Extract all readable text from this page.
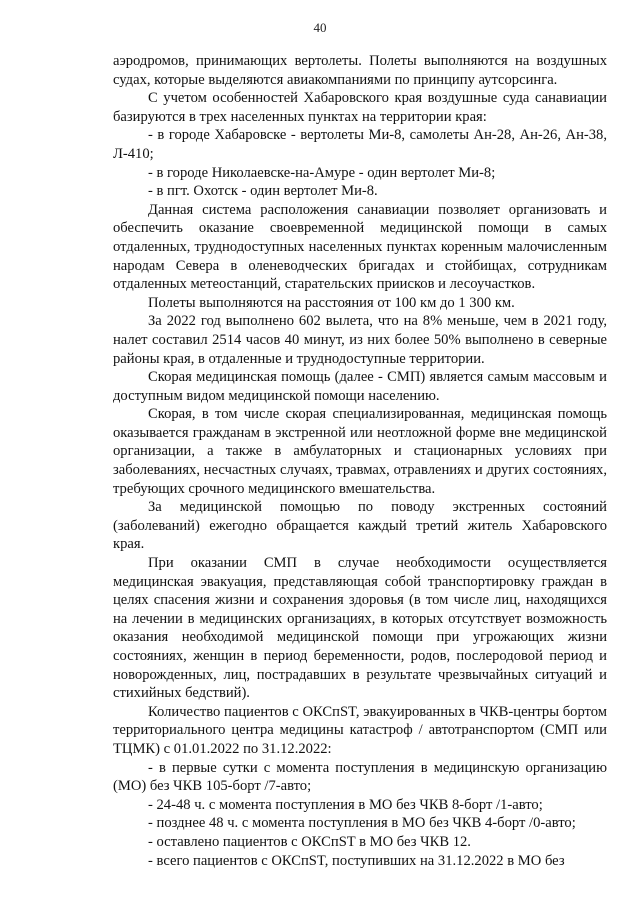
40

аэродромов, принимающих вертолеты. Полеты выполняются на воздушных судах, которые выделяются авиакомпаниями по принципу аутсорсинга.

С учетом особенностей Хабаровского края воздушные суда санавиации базируются в трех населенных пунктах на территории края:

- в городе Хабаровске - вертолеты Ми-8, самолеты Ан-28, Ан-26, Ан-38, Л-410;

- в городе Николаевске-на-Амуре - один вертолет Ми-8;

- в пгт. Охотск - один вертолет Ми-8.

Данная система расположения санавиации позволяет организовать и обеспечить оказание своевременной медицинской помощи в самых отдаленных, труднодоступных населенных пунктах коренным малочисленным народам Севера в оленеводческих бригадах и стойбищах, сотрудникам отдаленных метеостанций, старательских приисков и лесоучастков.

Полеты выполняются на расстояния от 100 км до 1 300 км.

За 2022 год выполнено 602 вылета, что на 8% меньше, чем в 2021 году, налет составил 2514 часов 40 минут, из них более 50% выполнено в северные районы края, в отдаленные и труднодоступные территории.

Скорая медицинская помощь (далее - СМП) является самым массовым и доступным видом медицинской помощи населению.

Скорая, в том числе скорая специализированная, медицинская помощь оказывается гражданам в экстренной или неотложной форме вне медицинской организации, а также в амбулаторных и стационарных условиях при заболеваниях, несчастных случаях, травмах, отравлениях и других состояниях, требующих срочного медицинского вмешательства.

За медицинской помощью по поводу экстренных состояний (заболеваний) ежегодно обращается каждый третий житель Хабаровского края.

При оказании СМП в случае необходимости осуществляется медицинская эвакуация, представляющая собой транспортировку граждан в целях спасения жизни и сохранения здоровья (в том числе лиц, находящихся на лечении в медицинских организациях, в которых отсутствует возможность оказания необходимой медицинской помощи при угрожающих жизни состояниях, женщин в период беременности, родов, послеродовой период и новорожденных, лиц, пострадавших в результате чрезвычайных ситуаций и стихийных бедствий).

Количество пациентов с ОКСпST, эвакуированных в ЧКВ-центры бортом территориального центра медицины катастроф / автотранспортом (СМП или ТЦМК) с 01.01.2022 по 31.12.2022:

- в первые сутки с момента поступления в медицинскую организацию (МО) без ЧКВ 105-борт /7-авто;

- 24-48 ч. с момента поступления в МО без ЧКВ 8-борт /1-авто;

- позднее 48 ч. с момента поступления в МО без ЧКВ 4-борт /0-авто;

- оставлено пациентов с ОКСпST в МО без ЧКВ 12.

- всего пациентов с ОКСпST, поступивших на 31.12.2022 в МО без
